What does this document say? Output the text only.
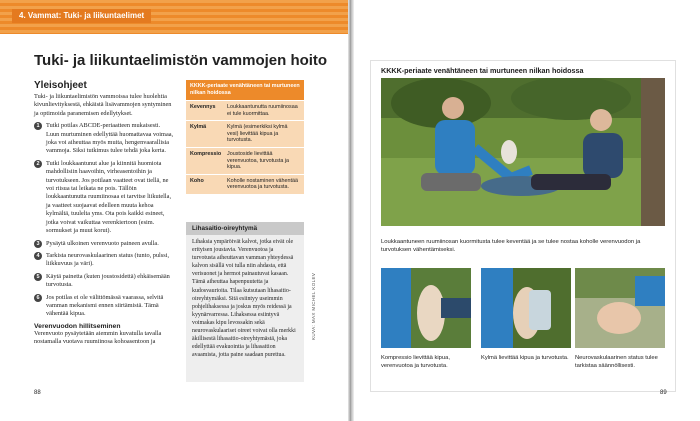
4. Vammat: Tuki- ja liikuntaelimet
Tuki- ja liikuntaelimistön vammojen hoito
Yleisohjeet

Tuki- ja liikuntaelimistön vammoissa tulee huolehtia kivunlievityksestä, ehkäistä lisävammojen syntyminen ja optimoida paranemisen edellytykset.

1	Tutki potilas ABCDE-periaatteen mukaisesti. Luun murtuminen edellyttää huomattavaa voimaa, joka voi aiheuttaa myös muita, hengenvaarallisia vammoja. Siksi tutkimus tulee tehdä joka kerta.
2	Tutki loukkaantunut alue ja kiinnitä huomiota mahdollisiin haavoihin, virheasentoihin ja turvotukseen. Jos potilaan vaatteet ovat tiellä, ne voi riisua tai leikata ne pois. Tällöin loukkaantunutta ruumiinosaa ei tarvitse liikutella, ja vaatteet suojaavat edelleen muuta kehoa kylmältä, tuulelta yms. Ota pois kaikki esineet, jotka voivat vaikuttaa verenkiertoon (esim. sormukset ja muut korut).
3	Pysäytä ulkoinen verenvuoto paineen avulla.
4	Tarkista neurovaskulaarinen status (tunto, pulssi, liikkuvuus ja väri).
5	Käytä painetta (kuten joustosidettä) ehkäisemään turvotusta.
6	Jos potilas ei ole välittömässä vaarassa, selvitä vamman mekanismi ennen siirtämistä. Tämä vähentää kipua.
Verenvuodon hillitseminen

Verenvuoto pysäytetään aiemmin kuvatulla tavalla nostamalla vuotava ruumiinosa kohoasentoon ja

88
KKKK-periaate venähtäneen tai murtuneen nilkan hoidossa
Kevennys	Loukkaantunutta ruumiinosaa ei tule kuormittaa.
Kylmä	Kylmä (esimerkiksi kylmä vesi) lievittää kipua ja turvotusta.
Kompressio	Joustoside lievittää verenvuotoa, turvotusta ja kipua.
Koho	Koholle nostaminen vähentää verenvuotoa ja turvotusta.
Lihasaitio-oireyhtymä
Lihaksia ympäröivät kalvot, jotka eivät ole erityisen joustavia. Verenvuotoa ja turvotusta aiheuttavan vamman yhteydessä kalvon sisällä voi tulla niin ahdasta, että verisuonet ja hermot painautuvat kasaan. Tämä aiheuttaa hapenpuutetta ja kudosvaurioita. Tilaa kutsutaan lihasaitio-oireyhtymäksi. Sitä esiintyy useimmin pohjelihaksessa ja joskus myös reidessä ja kyynärvarressa. Lihaksessa esiintyvä voimakas kipu levossakin sekä neurovaskulaariset oireet voivat olla merkki äkillisestä lihasaitio-oireyhtymästä, joka edellyttää evakuointia ja lihasaition avaamista, jotta paine saadaan purettua.
KUVA: MAX MICHEL KOLEV
KKKK-periaate venähtäneen tai murtuneen nilkan hoidossa
Loukkaantuneen ruumiinosan kuormitusta tulee keventää ja se tulee nostaa koholle verenvuodon ja turvotuksen vähentämiseksi.
Kompressio lievittää kipua, verenvuotoa ja turvotusta.
Kylmä lievittää kipua ja turvotusta.	Neurovaskulaarinen status tulee tarkistaa säännöllisesti.
89
